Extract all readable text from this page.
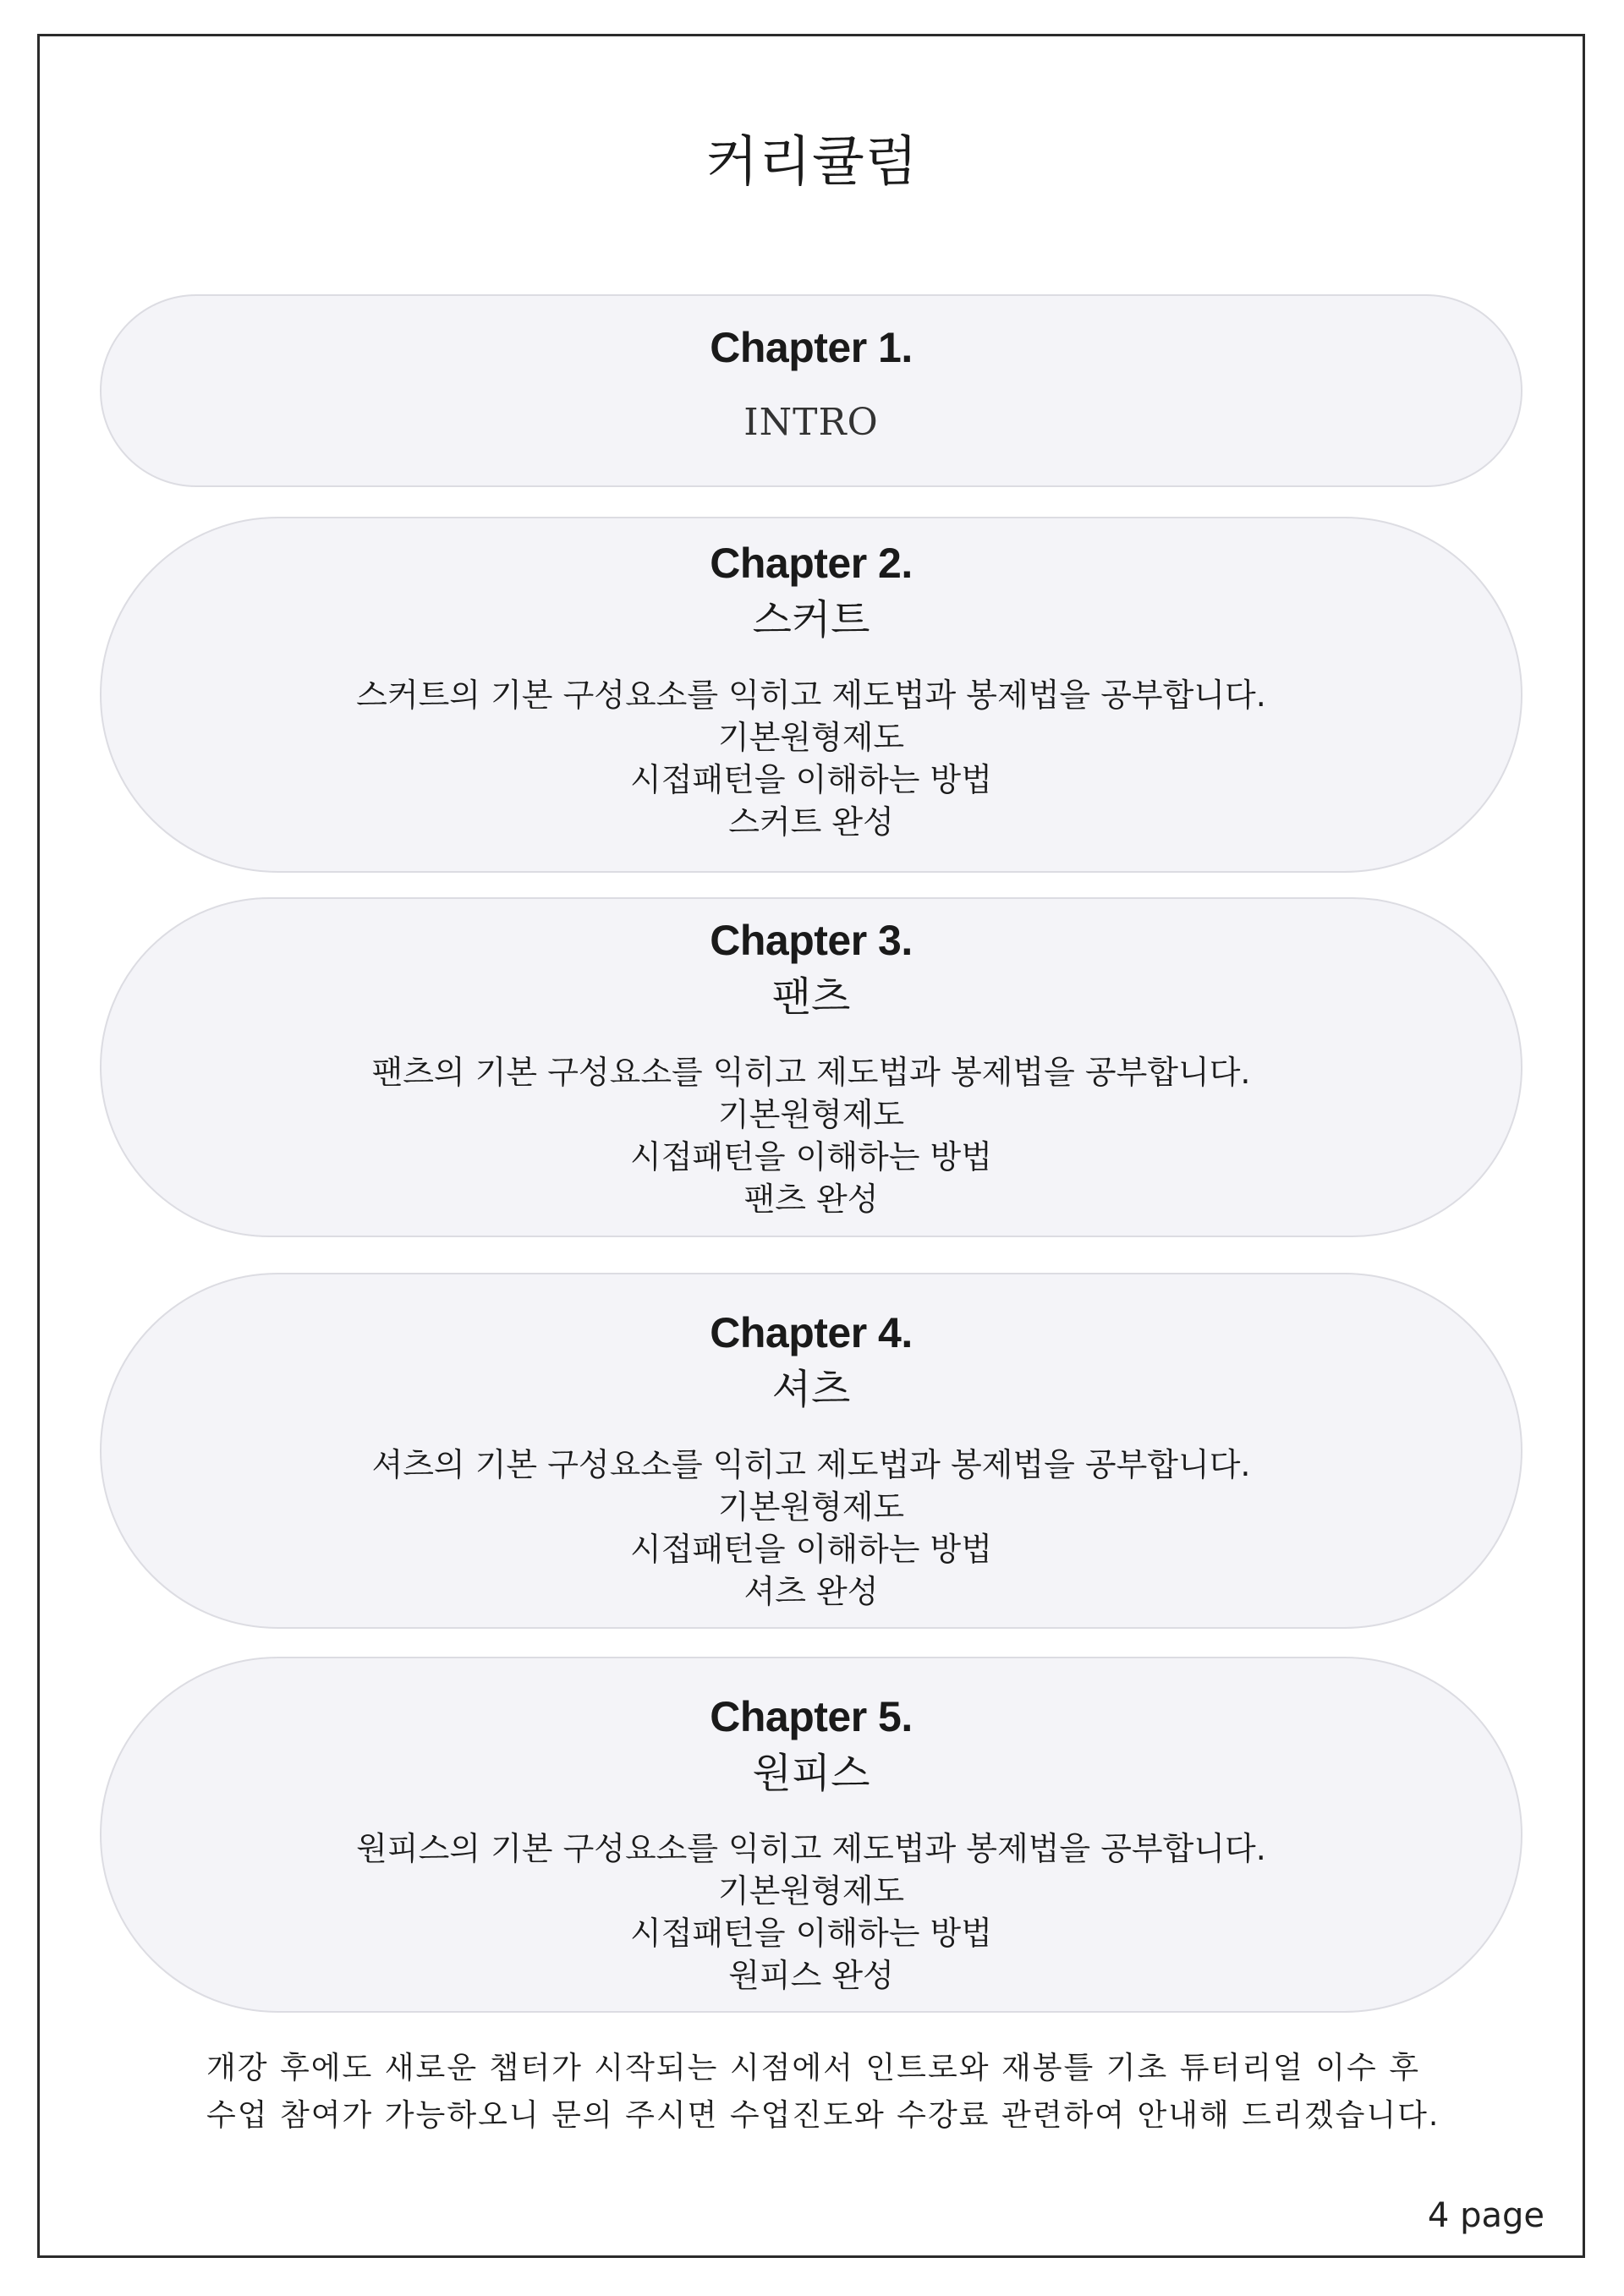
커리큘럼
Chapter 1.
INTRO
Chapter 2.
스커트
스커트의 기본 구성요소를 익히고 제도법과 봉제법을 공부합니다.
기본원형제도
시접패턴을 이해하는 방법
스커트 완성
Chapter 3.
팬츠
팬츠의 기본 구성요소를 익히고 제도법과 봉제법을 공부합니다.
기본원형제도
시접패턴을 이해하는 방법
팬츠 완성
Chapter 4.
셔츠
셔츠의 기본 구성요소를 익히고 제도법과 봉제법을 공부합니다.
기본원형제도
시접패턴을 이해하는 방법
셔츠 완성
Chapter 5.
원피스
원피스의 기본 구성요소를 익히고 제도법과 봉제법을 공부합니다.
기본원형제도
시접패턴을 이해하는 방법
원피스 완성
개강 후에도 새로운 챕터가 시작되는 시점에서 인트로와 재봉틀 기초 튜터리얼 이수 후
수업 참여가 가능하오니 문의 주시면 수업진도와 수강료 관련하여 안내해 드리겠습니다.
4 page
